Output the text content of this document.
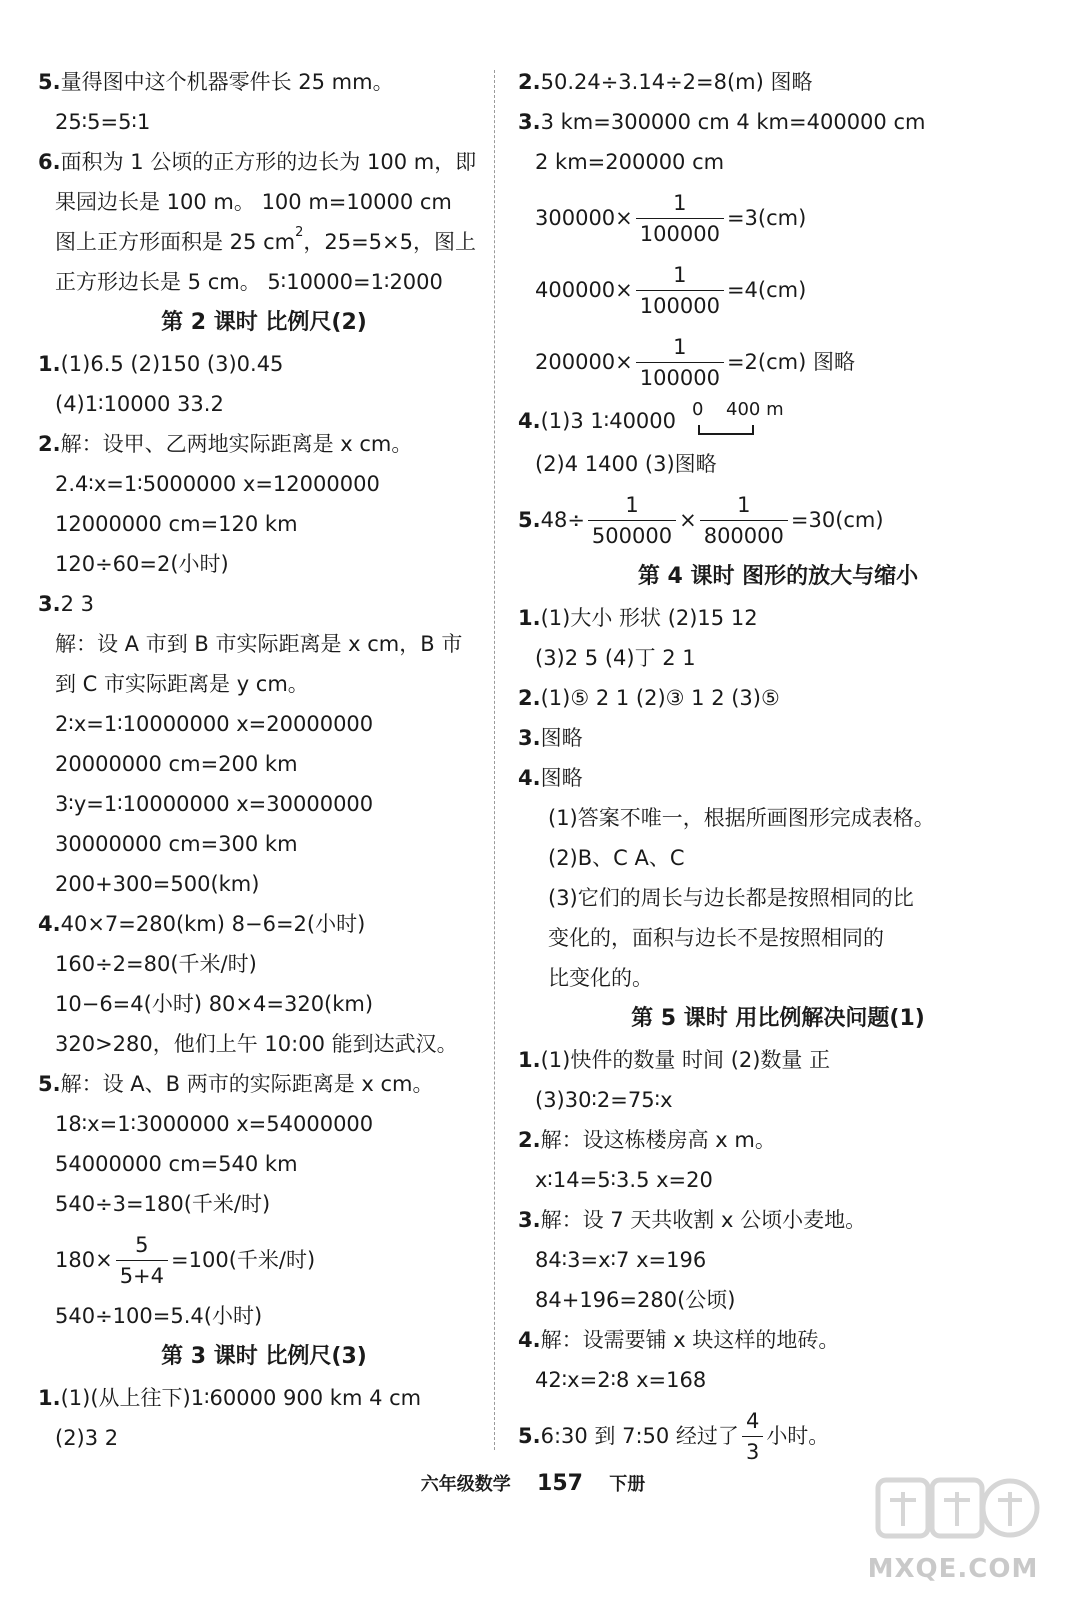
5. 量得图中这个机器零件长 25 mm。
25∶5=5∶1
6. 面积为 1 公顷的正方形的边长为 100 m，即
果园边长是 100 m。 100 m=10000 cm
图上正方形面积是 25 cm 2 ，25=5×5，图上
正方形边长是 5 cm。 5∶10000=1∶2000
第 2 课时 比例尺(2)
1. (1)6.5 (2)150 (3)0.45
(4)1∶10000 33.2
2. 解：设甲、乙两地实际距离是 x cm。
2.4∶x=1∶5000000 x=12000000
12000000 cm=120 km
120÷60=2(小时)
3. 2 3
解：设 A 市到 B 市实际距离是 x cm，B 市
到 C 市实际距离是 y cm。
2∶x=1∶10000000 x=20000000
20000000 cm=200 km
3∶y=1∶10000000 x=30000000
30000000 cm=300 km
200+300=500(km)
4. 40×7=280(km) 8−6=2(小时)
160÷2=80(千米/时)
10−6=4(小时) 80×4=320(km)
320>280，他们上午 10:00 能到达武汉。
5. 解：设 A、B 两市的实际距离是 x cm。
18∶x=1∶3000000 x=54000000
54000000 cm=540 km
540÷3=180(千米/时)
$180\times \frac{5}{5+4} =100$(千米/时)
540÷100=5.4(小时)
第 3 课时 比例尺(3)
1. (1)(从上往下)1∶60000 900 km 4 cm
(2)3 2
2. 50.24÷3.14÷2=8(m) 图略
3. 3 km=300000 cm 4 km=400000 cm
2 km=200000 cm
$300000\times \frac{1}{100000} =3(cm)$
$400000\times \frac{1}{100000} =4(cm)$
$200000\times \frac{1}{100000} =2(cm)$ 图略
4. (1)3 1∶40000 0 400 m
(2)4 1400 (3)图略
5. $48\div \frac{1}{500000} \times \frac{1}{800000} =30(cm)$
第 4 课时 图形的放大与缩小
1. (1)大小 形状 (2)15 12
(3)2 5 (4)丁 2 1
2. (1)⑤ 2 1 (2)③ 1 2 (3)⑤
3. 图略
4. 图略
(1)答案不唯一，根据所画图形完成表格。
(2)B、C A、C
(3)它们的周长与边长都是按照相同的比
变化的，面积与边长不是按照相同的
比变化的。
第 5 课时 用比例解决问题(1)
1. (1)快件的数量 时间 (2)数量 正
(3)30∶2=75∶x
2. 解：设这栋楼房高 x m。
x∶14=5∶3.5 x=20
3. 解：设 7 天共收割 x 公顷小麦地。
84∶3=x∶7 x=196
84+196=280(公顷)
4. 解：设需要铺 x 块这样的地砖。
42∶x=2∶8 x=168
5. 6:30 到 7:50 经过了 $\frac{4}{3}$ 小时。
六年级数学 157 下册
MXQE.COM
